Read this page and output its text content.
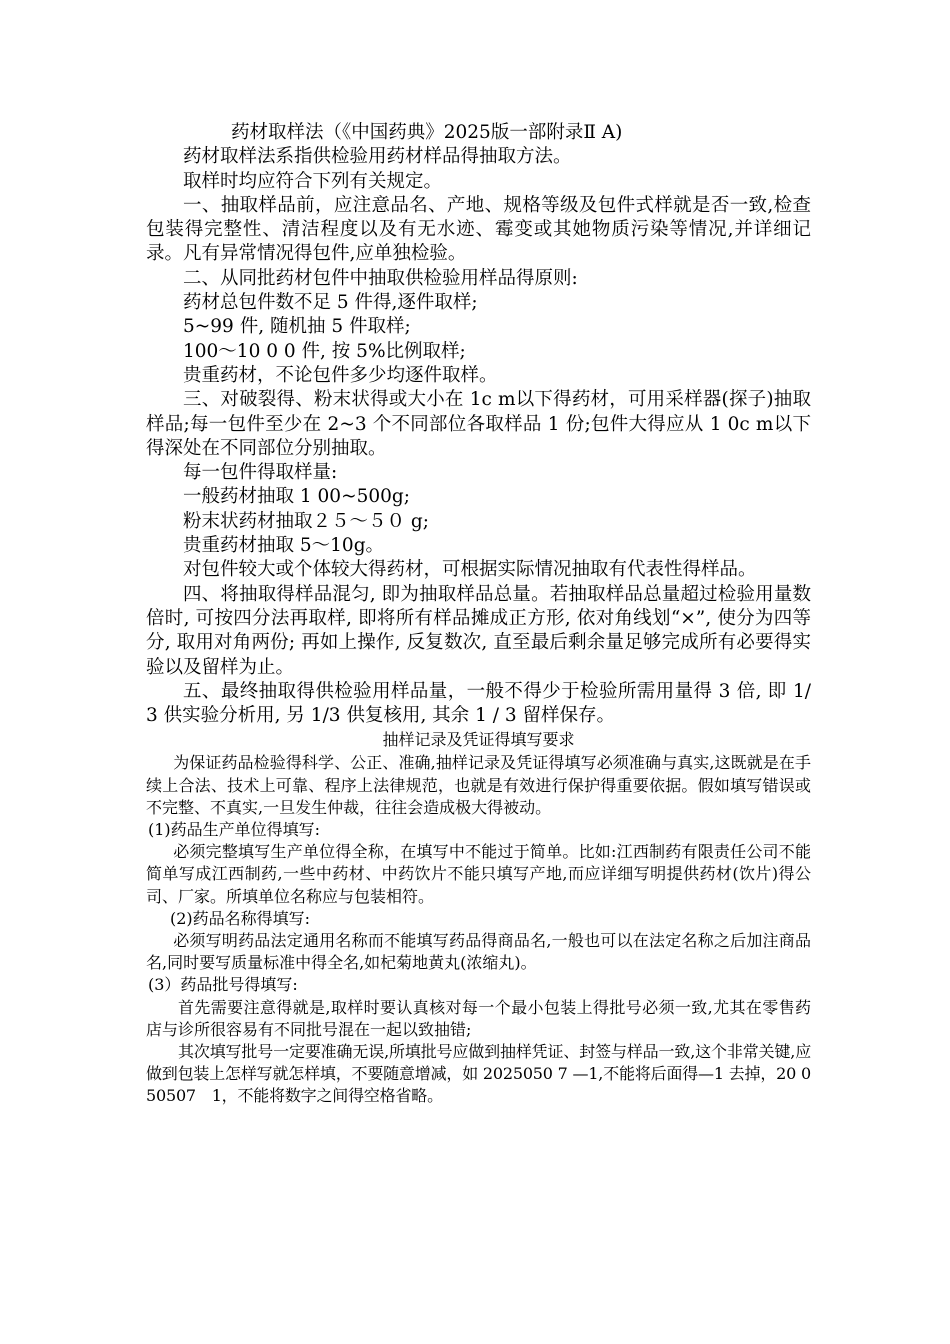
药材取样法（《中国药典》2025版一部附录Ⅱ A)

药材取样法系指供检验用药材样品得抽取方法。

取样时均应符合下列有关规定。

一、抽取样品前，应注意品名、产地、规格等级及包件式样就是否一致,检查包装得完整性、清洁程度以及有无水迹、霉变或其她物质污染等情况,并详细记录。凡有异常情况得包件,应单独检验。

二、从同批药材包件中抽取供检验用样品得原则:

药材总包件数不足 5 件得,逐件取样;

5~99 件, 随机抽 5 件取样;

100～10 0 0 件, 按 5%比例取样;

贵重药材，不论包件多少均逐件取样。

三、对破裂得、粉末状得或大小在 1c m以下得药材，可用采样器(探子)抽取样品;每一包件至少在 2~3 个不同部位各取样品 1 份;包件大得应从 1 0c m以下得深处在不同部位分别抽取。

每一包件得取样量:

一般药材抽取 1 00~500g;

粉末状药材抽取２５～５０ g;

贵重药材抽取 5～10g。

对包件较大或个体较大得药材，可根据实际情况抽取有代表性得样品。

四、将抽取得样品混匀, 即为抽取样品总量。若抽取样品总量超过检验用量数倍时, 可按四分法再取样, 即将所有样品摊成正方形, 依对角线划“×”, 使分为四等分, 取用对角两份; 再如上操作, 反复数次, 直至最后剩余量足够完成所有必要得实验以及留样为止。

五、最终抽取得供检验用样品量，一般不得少于检验所需用量得 3 倍, 即 1/ 3 供实验分析用, 另 1/3 供复核用, 其余 1 / 3 留样保存。

抽样记录及凭证得填写要求

为保证药品检验得科学、公正、准确,抽样记录及凭证得填写必须准确与真实,这既就是在手续上合法、技术上可靠、程序上法律规范，也就是有效进行保护得重要依据。假如填写错误或不完整、不真实,一旦发生仲裁，往往会造成极大得被动。

(1)药品生产单位得填写:

必须完整填写生产单位得全称，在填写中不能过于简单。比如:江西制药有限责任公司不能简单写成江西制药,一些中药材、中药饮片不能只填写产地,而应详细写明提供药材(饮片)得公司、厂家。所填单位名称应与包装相符。

(2)药品名称得填写:

必须写明药品法定通用名称而不能填写药品得商品名,一般也可以在法定名称之后加注商品名,同时要写质量标准中得全名,如杞菊地黄丸(浓缩丸)。

(3）药品批号得填写:

首先需要注意得就是,取样时要认真核对每一个最小包装上得批号必须一致,尤其在零售药店与诊所很容易有不同批号混在一起以致抽错;

其次填写批号一定要准确无误,所填批号应做到抽样凭证、封签与样品一致,这个非常关键,应做到包装上怎样写就怎样填，不要随意增减，如 2025050 7 —1,不能将后面得—1 去掉，20 0 50507　1，不能将数字之间得空格省略。
